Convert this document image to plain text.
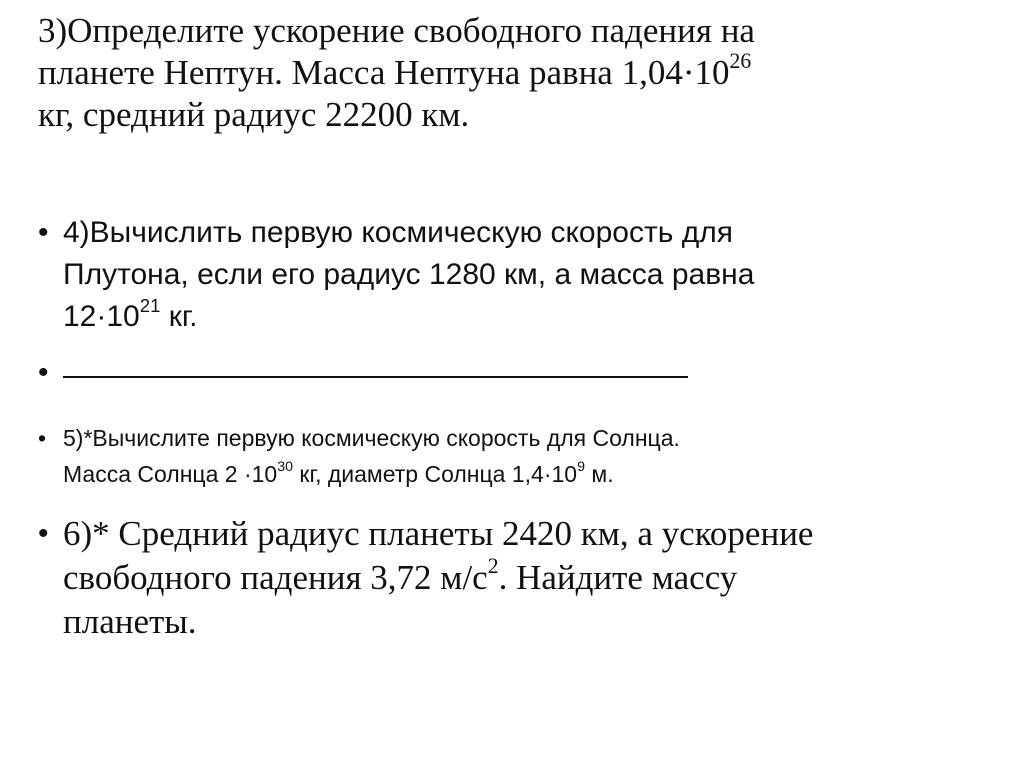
3)Определите ускорение свободного падения на
планете Нептун. Масса Нептуна равна $1,04\cdot 10^{26}$
кг, средний радиус 22200 км.
• 4)Вычислить первую космическую скорость для
Плутона, если его радиус 1280 км, а масса равна
$12\cdot 10^{21}$ кг.
•
• 5)*Вычислите первую космическую скорость для Солнца.
Масса Солнца $2 \cdot 10^{30}$ кг, диаметр Солнца $1,4\cdot 10^9$ м.
• 6)* Средний радиус планеты 2420 км, а ускорение
свободного падения 3,72 $м/с^2$. Найдите массу
планеты.
